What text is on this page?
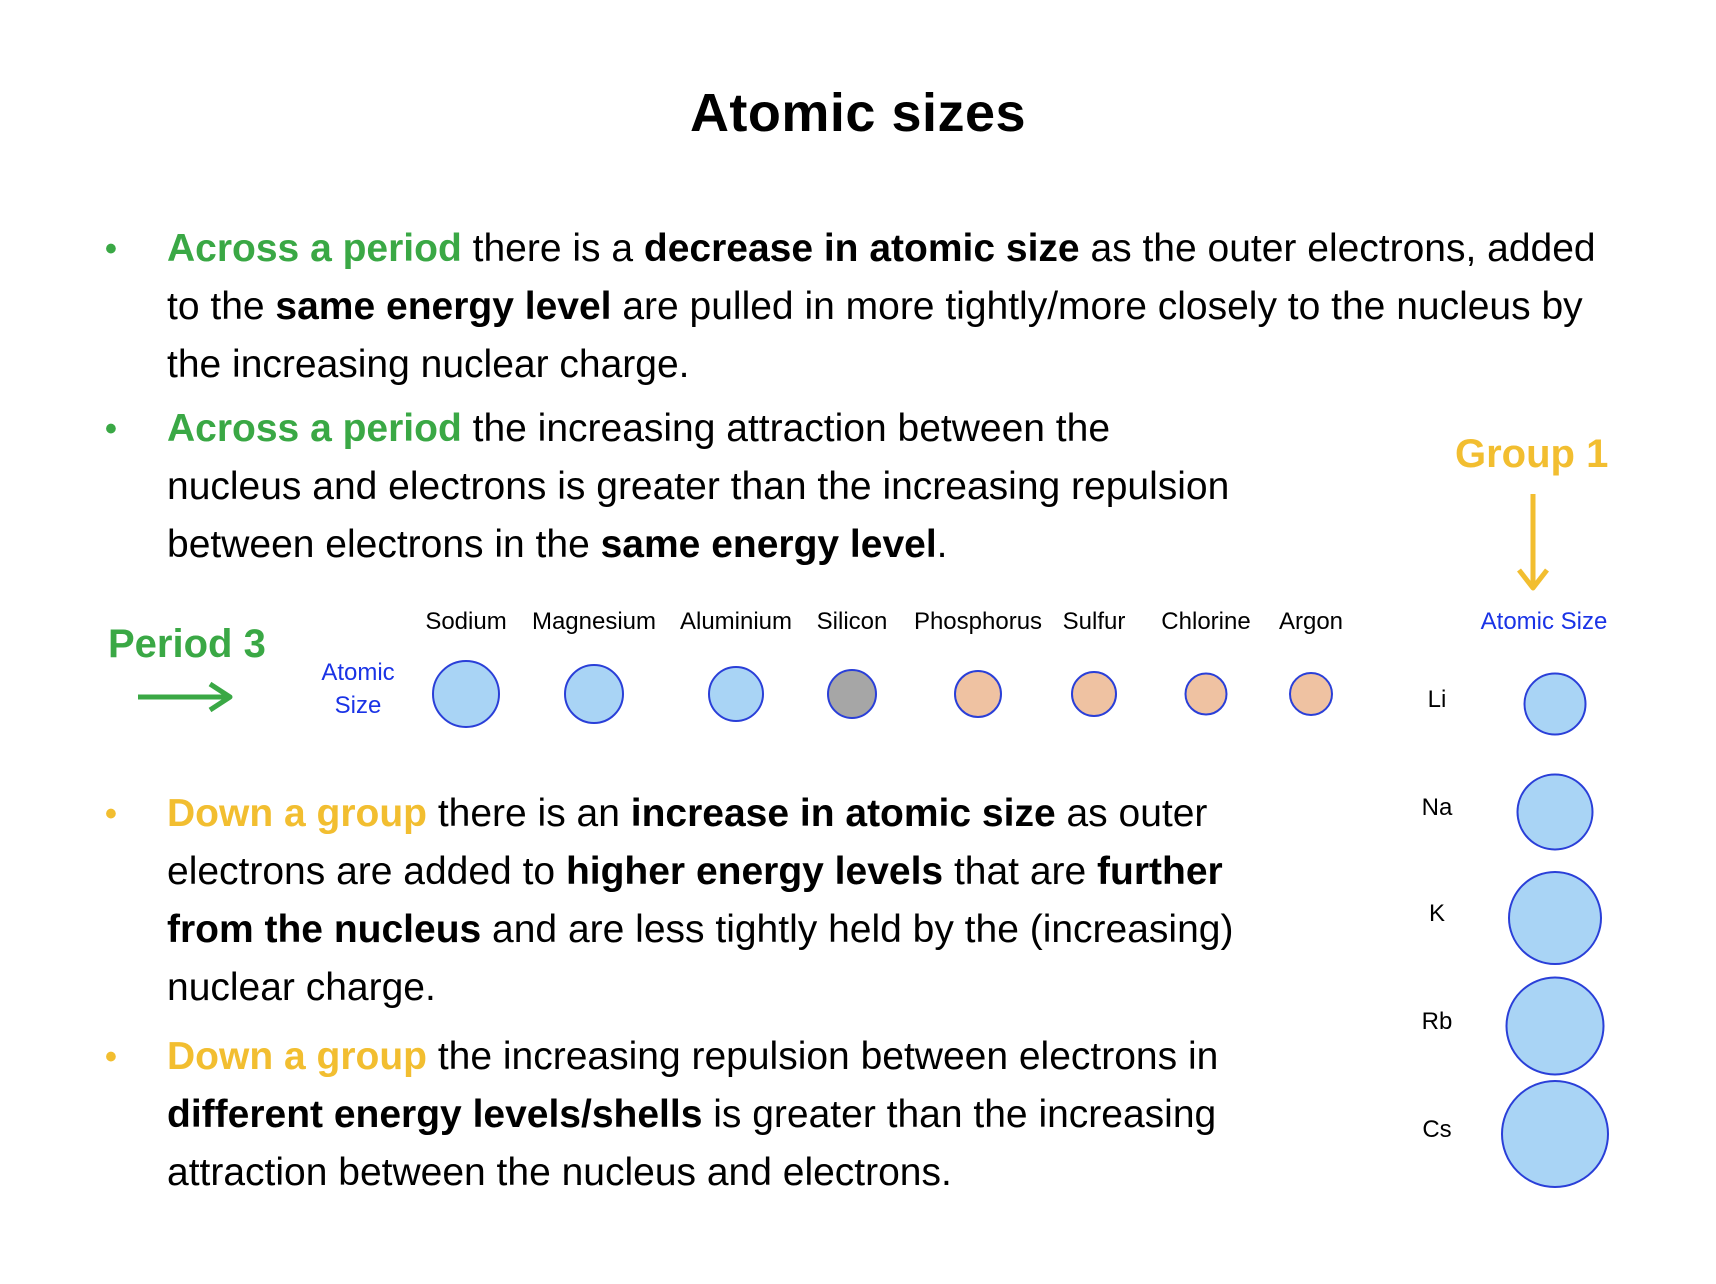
Atomic sizes
• Across a period there is a decrease in atomic size as the outer electrons, added to the same energy level are pulled in more tightly/more closely to the nucleus by the increasing nuclear charge.
• Across a period the increasing attraction between the nucleus and electrons is greater than the increasing repulsion between electrons in the same energy level.
Group 1
Atomic Size
Period 3
Atomic
Size
Sodium Magnesium Aluminium Silicon Phosphorus Sulfur Chlorine Argon
Li
Na
K
Rb
Cs
• Down a group there is an increase in atomic size as outer electrons are added to higher energy levels that are further from the nucleus and are less tightly held by the (increasing) nuclear charge.
• Down a group the increasing repulsion between electrons in different energy levels/shells is greater than the increasing attraction between the nucleus and electrons.
